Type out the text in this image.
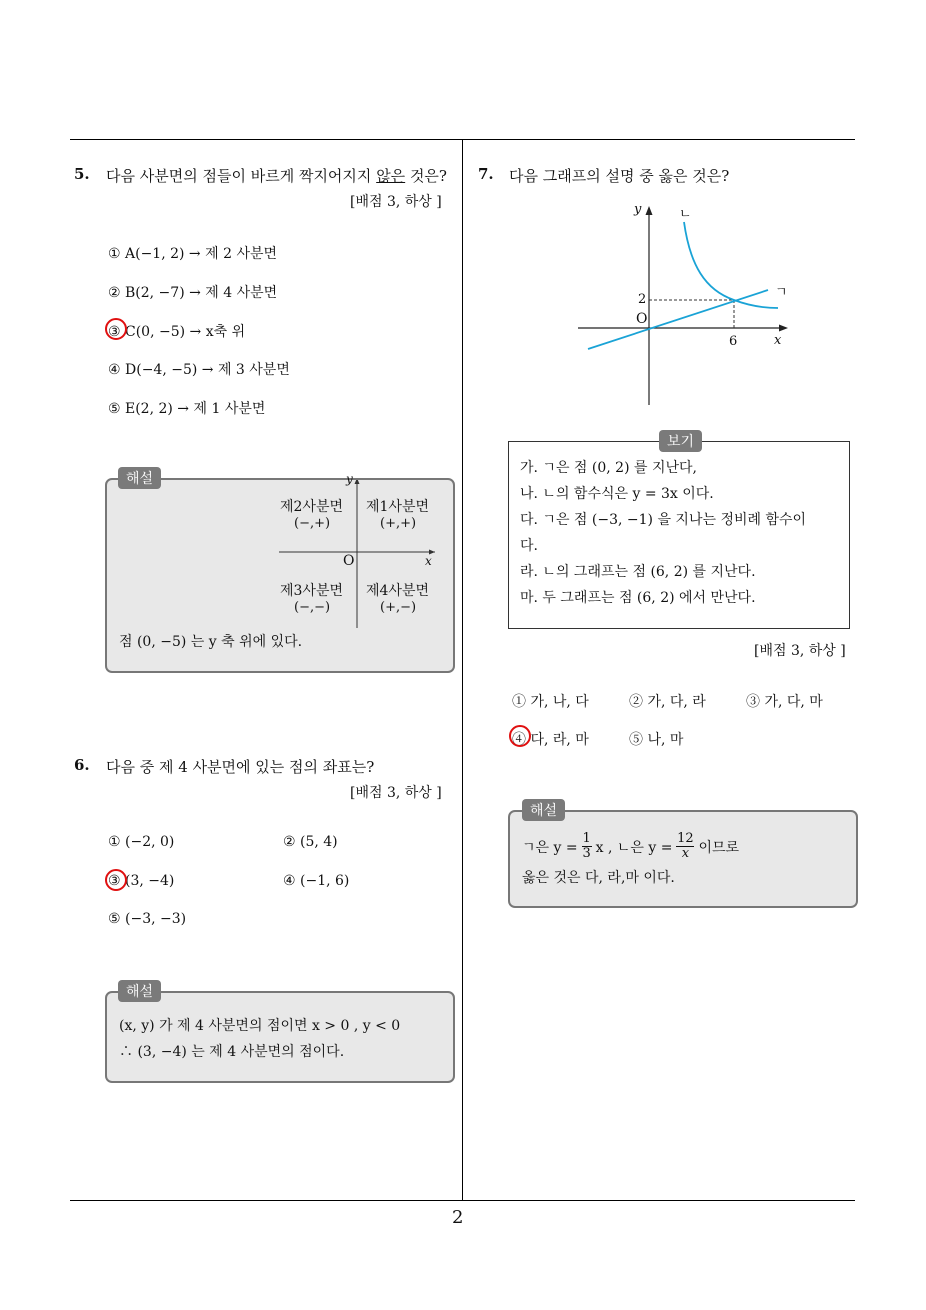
2
5. 다음 사분면의 점들이 바르게 짝지어지지 않은 것은?
[배점 3, 하상 ]
① A(−1, 2) → 제 2 사분면
② B(2, −7) → 제 4 사분면
③ C(0, −5) → x축 위
④ D(−4, −5) → 제 3 사분면
⑤ E(2, 2) → 제 1 사분면
제2사분면
(−,+)
제1사분면
(+,+)
제3사분면
(−,−)
제4사분면
(+,−)
O	x
y
점 (0, −5) 는 y 축 위에 있다.
해설
6. 다음 중 제 4 사분면에 있는 점의 좌표는?
[배점 3, 하상 ]
① (−2, 0)	② (5, 4)
③ (3, −4)	④ (−1, 6)
⑤ (−3, −3)
(x, y) 가 제 4 사분면의 점이면 x > 0 , y < 0
∴ (3, −4) 는 제 4 사분면의 점이다.
해설
7. 다음 그래프의 설명 중 옳은 것은?
y
x
O
2
6
ㄴ
ㄱ
가. ㄱ은 점 (0, 2) 를 지난다,
나. ㄴ의 함수식은 y = 3x 이다.
다. ㄱ은 점 (−3, −1) 을 지나는 정비례 함수이
다.
라. ㄴ의 그래프는 점 (6, 2) 를 지난다.
마. 두 그래프는 점 (6, 2) 에서 만난다.
보기
[배점 3, 하상 ]
① 가, 나, 다	② 가, 다, 라	③ 가, 다, 마
④ 다, 라, 마	⑤ 나, 마
ㄱ은 y =
1
3 x , ㄴ은 y =
12
x 이므로
옳은 것은 다, 라,마 이다.
해설
